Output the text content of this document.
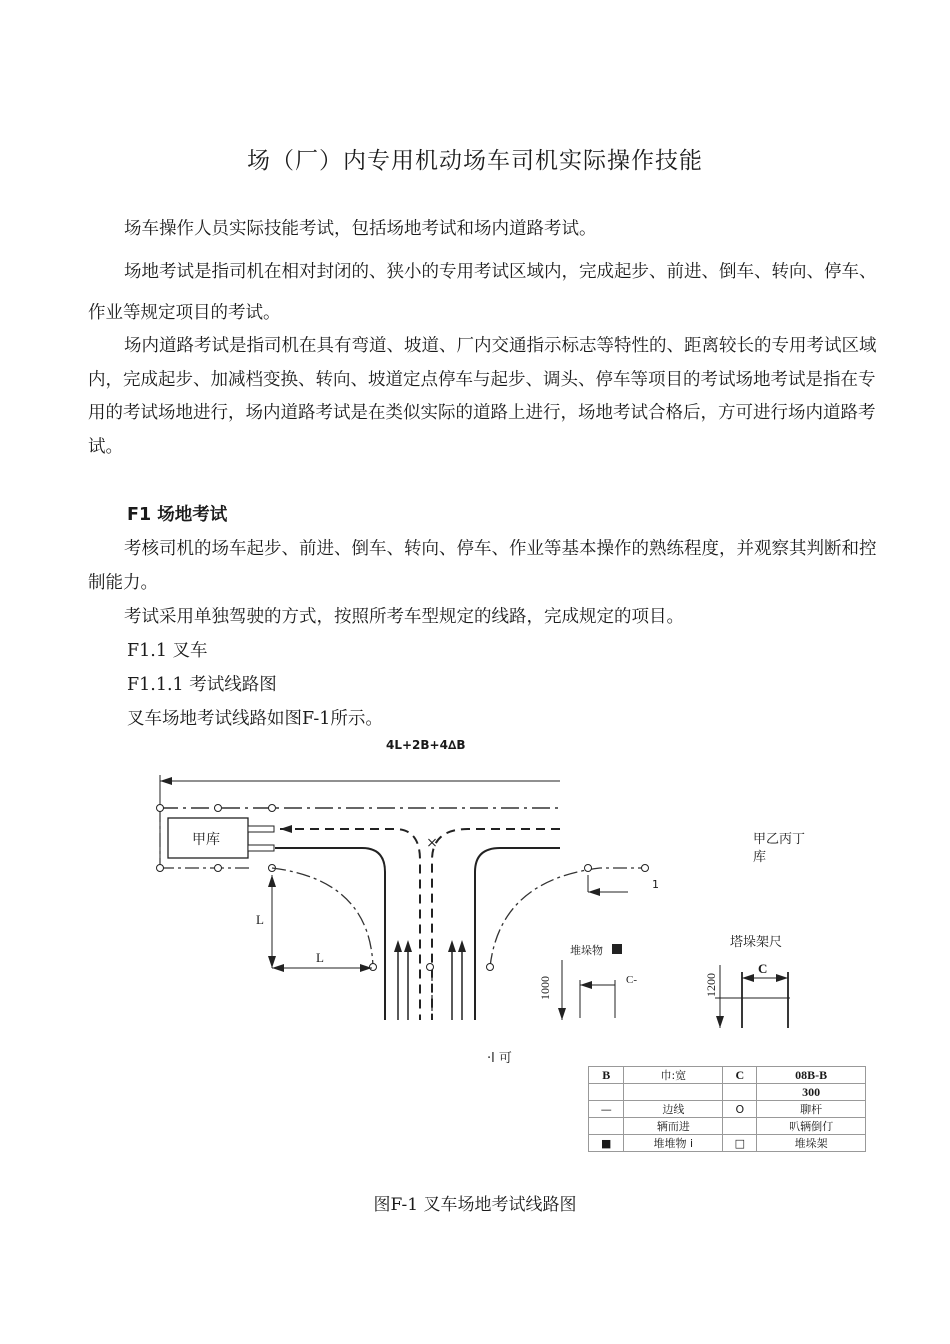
场（厂）内专用机动场车司机实际操作技能

场车操作人员实际技能考试，包括场地考试和场内道路考试。

场地考试是指司机在相对封闭的、狭小的专用考试区域内，完成起步、前进、倒车、转向、停车、作业等规定项目的考试。

场内道路考试是指司机在具有弯道、坡道、厂内交通指示标志等特性的、距离较长的专用考试区域内，完成起步、加减档变换、转向、坡道定点停车与起步、调头、停车等项目的考试场地考试是指在专用的考试场地进行，场内道路考试是在类似实际的道路上进行，场地考试合格后，方可进行场内道路考试。

F1 场地考试

考核司机的场车起步、前进、倒车、转向、停车、作业等基本操作的熟练程度，并观察其判断和控制能力。

考试采用单独驾驶的方式，按照所考车型规定的线路，完成规定的项目。

F1.1 叉车

F1.1.1 考试线路图

叉车场地考试线路如图F-1所示。

×
4L+2B+4∆B
甲库	甲乙丙丁
库
L
L
1
堆垛物
塔垛架尺
1000	1200
C
C-
·l 可
B	巾:宽	C	08B-B
			300
—	边线	O	聊杆
	辆而进		叭辆倒仃
■	堆堆物 i	□	堆垛架
图F-1 叉车场地考试线路图
